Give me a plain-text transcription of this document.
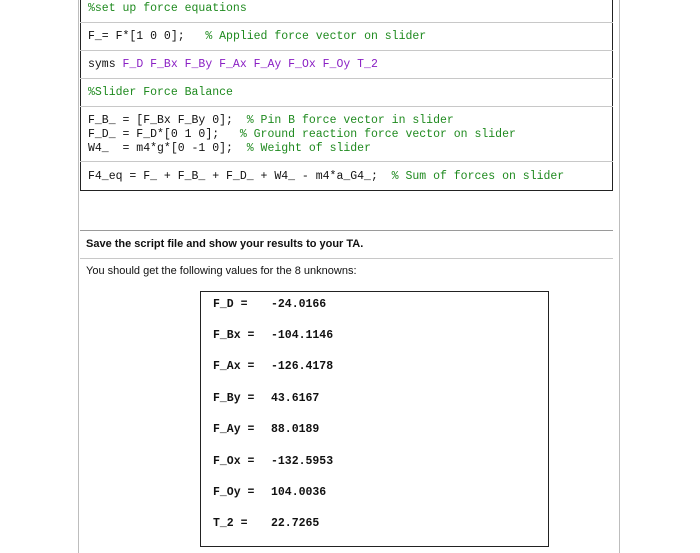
%set up force equations
F_= F*[1 0 0]; % Applied force vector on slider
syms F_D F_Bx F_By F_Ax F_Ay F_Ox F_Oy T_2
%Slider Force Balance
F_B_ = [F_Bx F_By 0]; % Pin B force vector in slider
F_D_ = F_D*[0 1 0]; % Ground reaction force vector on slider
W4_  = m4*g*[0 -1 0]; % Weight of slider
F4_eq = F_ + F_B_ + F_D_ + W4_ - m4*a_G4_; % Sum of forces on slider
Save the script file and show your results to your TA.
You should get the following values for the 8 unknowns:
F_D = -24.0166
F_Bx = -104.1146
F_Ax = -126.4178
F_By = 43.6167
F_Ay = 88.0189
F_Ox = -132.5953
F_Oy = 104.0036
T_2 = 22.7265
